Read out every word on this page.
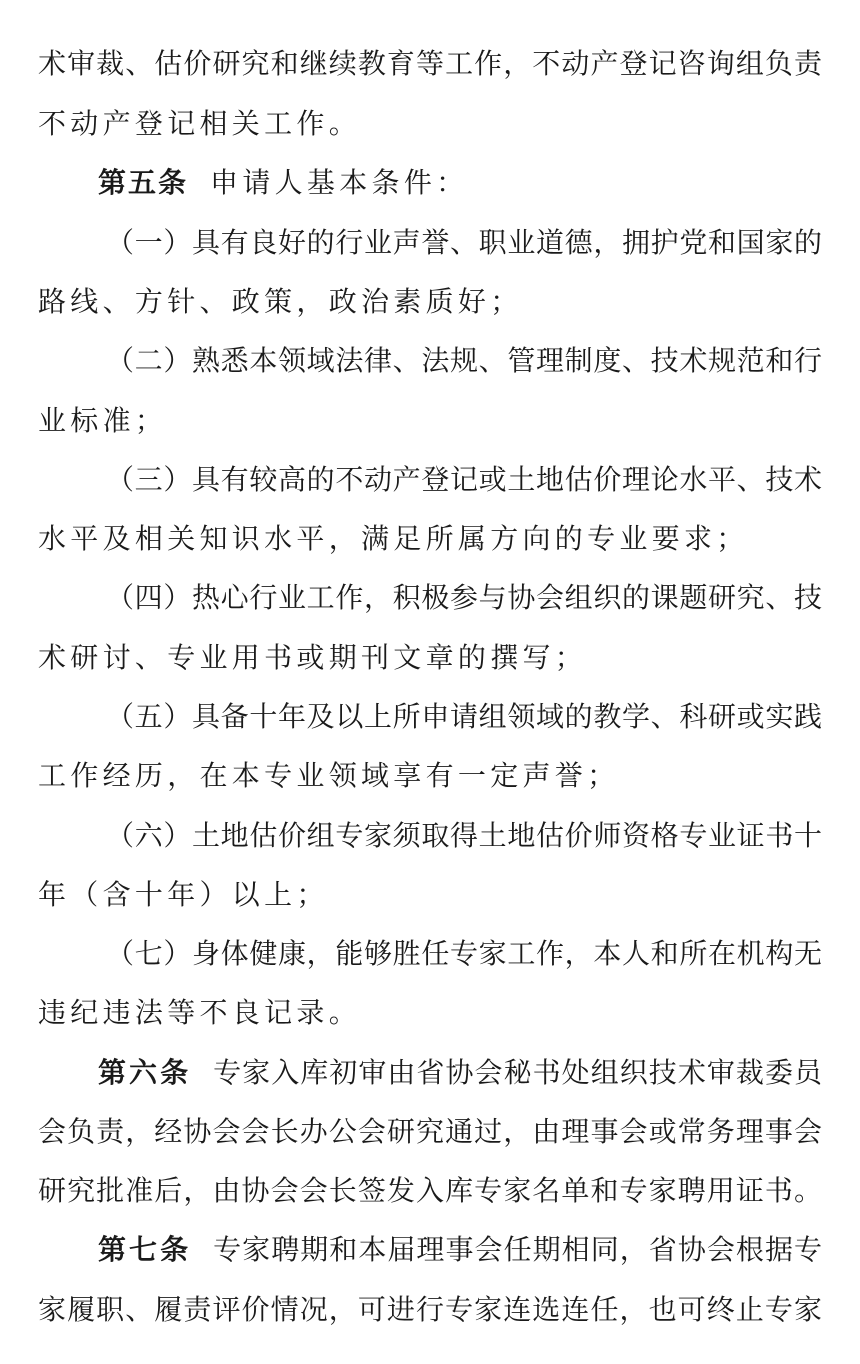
术审裁、估价研究和继续教育等工作，不动产登记咨询组负责
不动产登记相关工作。
第五条 申请人基本条件：
（一）具有良好的行业声誉、职业道德，拥护党和国家的
路线、方针、政策，政治素质好；
（二）熟悉本领域法律、法规、管理制度、技术规范和行
业标准；
（三）具有较高的不动产登记或土地估价理论水平、技术
水平及相关知识水平，满足所属方向的专业要求；
（四）热心行业工作，积极参与协会组织的课题研究、技
术研讨、专业用书或期刊文章的撰写；
（五）具备十年及以上所申请组领域的教学、科研或实践
工作经历，在本专业领域享有一定声誉；
（六）土地估价组专家须取得土地估价师资格专业证书十
年（含十年）以上；
（七）身体健康，能够胜任专家工作，本人和所在机构无
违纪违法等不良记录。
第六条 专家入库初审由省协会秘书处组织技术审裁委员
会负责，经协会会长办公会研究通过，由理事会或常务理事会
研究批准后，由协会会长签发入库专家名单和专家聘用证书。
第七条 专家聘期和本届理事会任期相同，省协会根据专
家履职、履责评价情况，可进行专家连选连任，也可终止专家
